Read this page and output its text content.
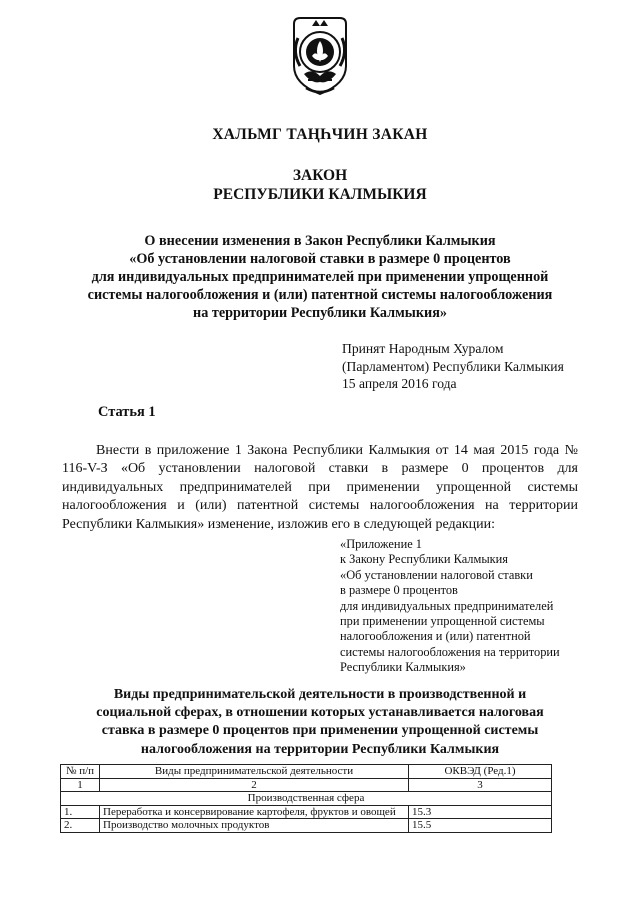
ХАЛЬМГ ТАҢҺЧИН ЗАКАН
ЗАКОН
РЕСПУБЛИКИ КАЛМЫКИЯ
О внесении изменения в Закон Республики Калмыкия
«Об установлении налоговой ставки в размере 0 процентов
для индивидуальных предпринимателей при применении упрощенной
системы налогообложения и (или) патентной системы налогообложения
на территории Республики Калмыкия»
Принят Народным Хуралом
(Парламентом) Республики Калмыкия
15 апреля 2016 года
Статья 1
Внести в приложение 1 Закона Республики Калмыкия от 14 мая 2015 года № 116-V-З «Об установлении налоговой ставки в размере 0 процентов для индивидуальных предпринимателей при применении упрощенной системы налогообложения и (или) патентной системы налогообложения на территории Республики Калмыкия» изменение, изложив его в следующей редакции:
«Приложение 1
к Закону Республики Калмыкия
«Об установлении налоговой ставки
в размере 0 процентов
для индивидуальных предпринимателей
при применении упрощенной системы
налогообложения и (или) патентной
системы налогообложения на территории
Республики Калмыкия»
Виды предпринимательской деятельности в производственной и
социальной сферах, в отношении которых устанавливается налоговая
ставка в размере 0 процентов при применении упрощенной системы
налогообложения на территории Республики Калмыкия
№ п/п	Виды предпринимательской деятельности	ОКВЭД (Ред.1)
1	2	3
Производственная сфера		
1.	Переработка и консервирование картофеля, фруктов и овощей	15.3
2.	Производство молочных продуктов	15.5
